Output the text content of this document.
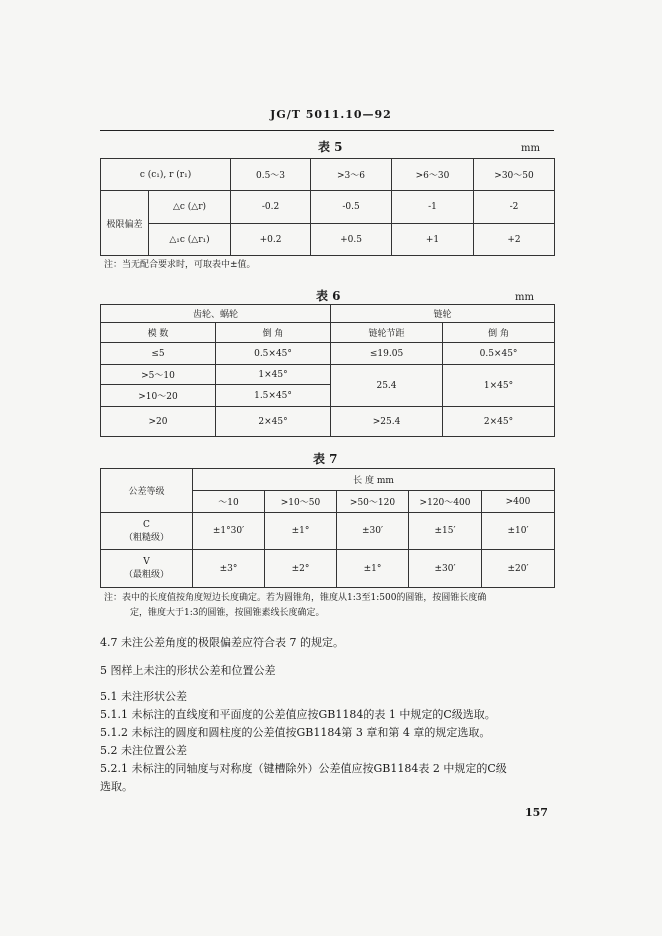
JG/T 5011.10—92
表 5	mm
c (c₁), r (r₁)		0.5～3	>3～6	>6～30	>30～50
极限偏差	△c (△r)	-0.2	-0.5	-1	-2
	△₁c (△r₁)	+0.2	+0.5	+1	+2
注：当无配合要求时，可取表中±值。
表 6	mm
齿轮、蜗轮		链轮	
模 数	倒 角	链轮节距	倒 角
≤5	0.5×45°	≤19.05	0.5×45°
>5～10	1×45°	25.4	1×45°
>10～20	1.5×45°		
>20	2×45°	>25.4	2×45°
表 7
公差等级	长 度 mm				
	～10	>10～50	>50～120	>120～400	>400

C
（粗糙级）	±1°30′	±1°	±30′	±15′	±10′

V
（最粗级）	±3°	±2°	±1°	±30′	±20′
注：表中的长度值按角度短边长度确定。若为圆锥角，锥度从1:3至1:500的圆锥，按圆锥长度确
定，锥度大于1:3的圆锥，按圆锥素线长度确定。
4.7 未注公差角度的极限偏差应符合表 7 的规定。
5 图样上未注的形状公差和位置公差
5.1 未注形状公差
5.1.1 未标注的直线度和平面度的公差值应按GB1184的表 1 中规定的C级选取。
5.1.2 未标注的圆度和圆柱度的公差值按GB1184第 3 章和第 4 章的规定选取。
5.2 未注位置公差
5.2.1 未标注的同轴度与对称度（键槽除外）公差值应按GB1184表 2 中规定的C级
选取。
157
